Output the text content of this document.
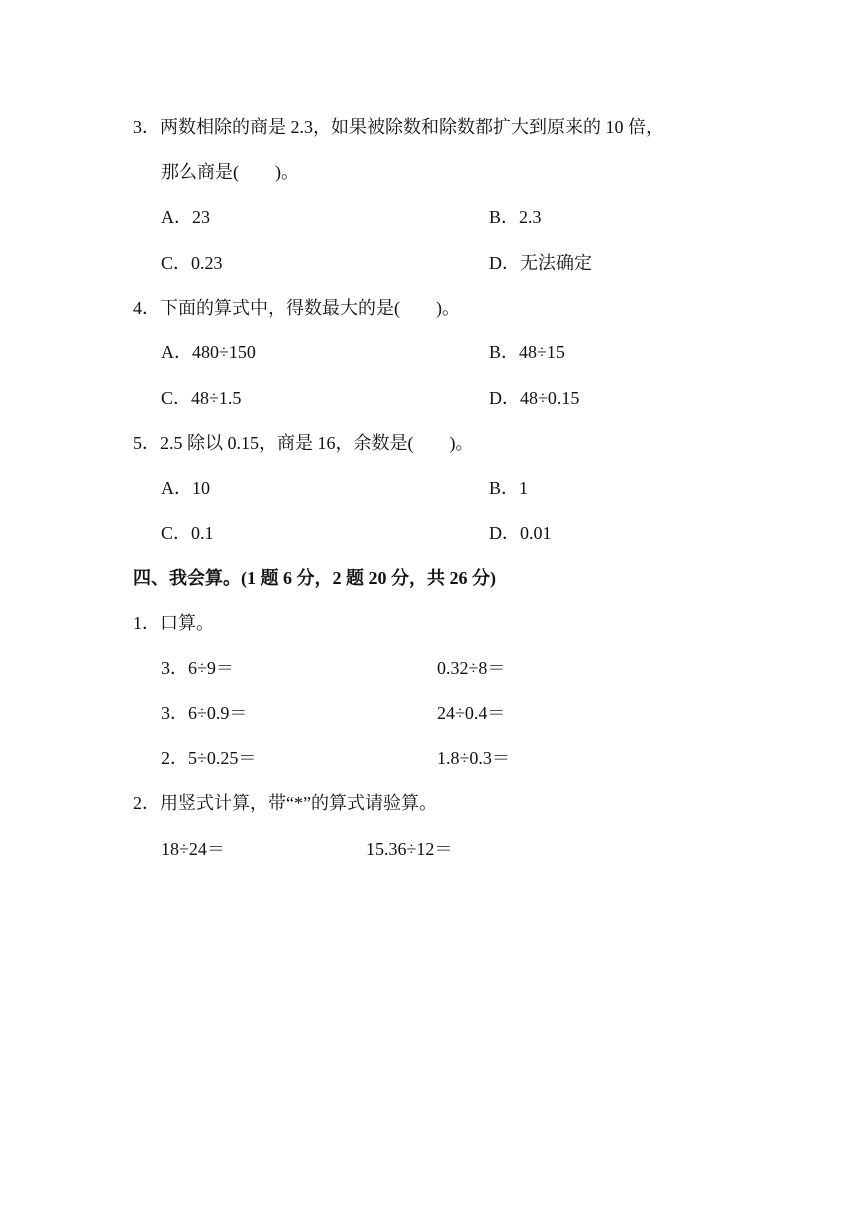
3．两数相除的商是 2.3，如果被除数和除数都扩大到原来的 10 倍，
那么商是(　　)。
A．23	B．2.3
C．0.23	D．无法确定
4．下面的算式中，得数最大的是(　　)。
A．480÷150	B．48÷15
C．48÷1.5	D．48÷0.15
5．2.5 除以 0.15，商是 16，余数是(　　)。
A．10	B．1
C．0.1	D．0.01
四、我会算。(1 题 6 分，2 题 20 分，共 26 分)
1．口算。
3．6÷9＝	0.32÷8＝
3．6÷0.9＝	24÷0.4＝
2．5÷0.25＝	1.8÷0.3＝
2．用竖式计算，带“*”的算式请验算。
18÷24＝	15.36÷12＝
